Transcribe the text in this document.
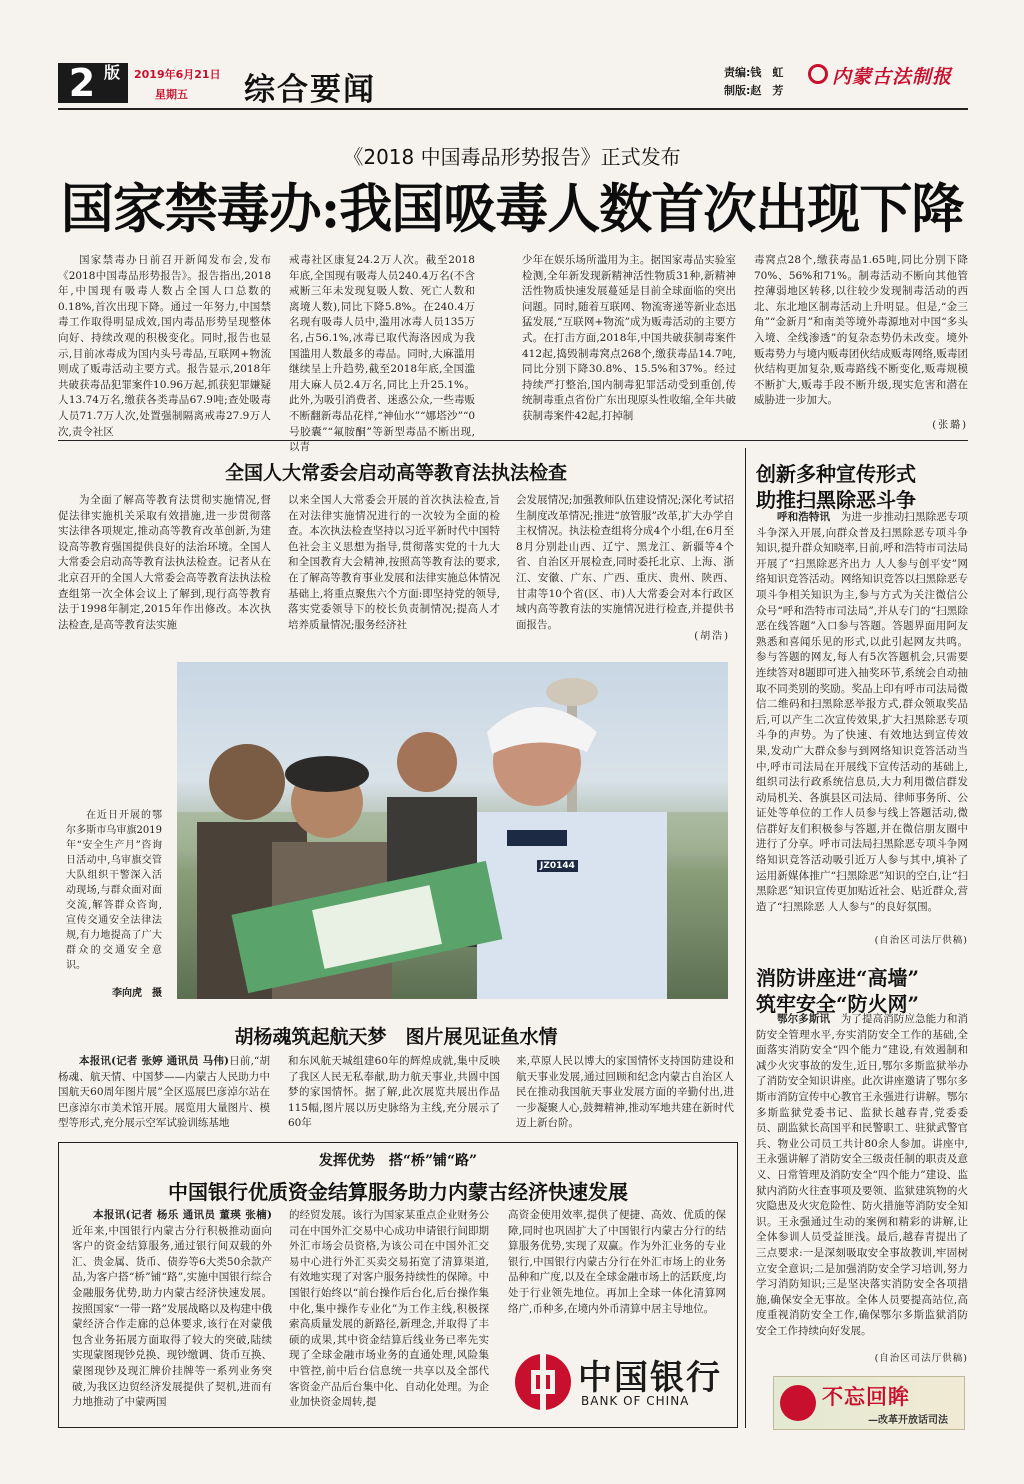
2 版	2019年6月21日
星期五 综合要闻	责编:钱　虹
制版:赵　芳
内蒙古法制报
《2018 中国毒品形势报告》正式发布
国家禁毒办:我国吸毒人数首次出现下降

国家禁毒办日前召开新闻发布会,发布《2018中国毒品形势报告》。报告指出,2018年,中国现有吸毒人数占全国人口总数的0.18%,首次出现下降。通过一年努力,中国禁毒工作取得明显成效,国内毒品形势呈现整体向好、持续改观的积极变化。同时,报告也显示,目前冰毒成为国内头号毒品,互联网+物流则成了贩毒活动主要方式。报告显示,2018年共破获毒品犯罪案件10.96万起,抓获犯罪嫌疑人13.74万名,缴获各类毒品67.9吨;查处吸毒人员71.7万人次,处置强制隔离戒毒27.9万人次,责令社区

戒毒社区康复24.2万人次。截至2018年底,全国现有吸毒人员240.4万名(不含戒断三年未发现复吸人数、死亡人数和离境人数),同比下降5.8%。在240.4万名现有吸毒人员中,滥用冰毒人员135万名,占56.1%,冰毒已取代海洛因成为我国滥用人数最多的毒品。同时,大麻滥用继续呈上升趋势,截至2018年底,全国滥用大麻人员2.4万名,同比上升25.1%。此外,为吸引消费者、迷惑公众,一些毒贩不断翻新毒品花样,“神仙水”“娜塔沙”“0号胶囊”“氟胺酮”等新型毒品不断出现,以青

少年在娱乐场所滥用为主。据国家毒品实验室检测,全年新发现新精神活性物质31种,新精神活性物质快速发展蔓延是目前全球面临的突出问题。同时,随着互联网、物流寄递等新业态迅猛发展,“互联网+物流”成为贩毒活动的主要方式。在打击方面,2018年,中国共破获制毒案件412起,捣毁制毒窝点268个,缴获毒品14.7吨,同比分别下降30.8%、15.5%和37%。经过持续严打整治,国内制毒犯罪活动受到重创,传统制毒重点省份广东出现原头性收缩,全年共破获制毒案件42起,打掉制

毒窝点28个,缴获毒品1.65吨,同比分别下降70%、56%和71%。制毒活动不断向其他管控薄弱地区转移,以往较少发现制毒活动的西北、东北地区制毒活动上升明显。但是,“金三角”“金新月”和南美等境外毒源地对中国“多头入境、全线渗透”的复杂态势仍未改变。境外贩毒势力与境内贩毒团伙结成贩毒网络,贩毒团伙结构更加复杂,贩毒路线不断变化,贩毒规模不断扩大,贩毒手段不断升级,现实危害和潜在威胁进一步加大。

(张璐)
全国人大常委会启动高等教育法执法检查

为全面了解高等教育法贯彻实施情况,督促法律实施机关采取有效措施,进一步贯彻落实法律各项规定,推动高等教育改革创新,为建设高等教育强国提供良好的法治环境。全国人大常委会启动高等教育法执法检查。记者从在北京召开的全国人大常委会高等教育法执法检查组第一次全体会议上了解到,现行高等教育法于1998年制定,2015年作出修改。本次执法检查,是高等教育法实施

以来全国人大常委会开展的首次执法检查,旨在对法律实施情况进行的一次较为全面的检查。本次执法检查坚持以习近平新时代中国特色社会主义思想为指导,贯彻落实党的十九大和全国教育大会精神,按照高等教育法的要求,在了解高等教育事业发展和法律实施总体情况基础上,将重点聚焦六个方面:即坚持党的领导,落实党委领导下的校长负责制情况;提高人才培养质量情况;服务经济社

会发展情况;加强教师队伍建设情况;深化考试招生制度改革情况;推进“放管服”改革,扩大办学自主权情况。执法检查组将分成4个小组,在6月至8月分别赴山西、辽宁、黑龙江、新疆等4个省、自治区开展检查,同时委托北京、上海、浙江、安徽、广东、广西、重庆、贵州、陕西、甘肃等10个省(区、市)人大常委会对本行政区域内高等教育法的实施情况进行检查,并提供书面报告。

(胡浩)
JZ0144
在近日开展的鄂尔多斯市乌审旗2019年“安全生产月”咨询日活动中,乌审旗交管大队组织干警深入活动现场,与群众面对面交流,解答群众咨询,宣传交通安全法律法规,有力地提高了广大群众的交通安全意识。
李向虎　摄
胡杨魂筑起航天梦　图片展见证鱼水情

本报讯(记者 张婷 通讯员 马伟)日前,“胡杨魂、航天情、中国梦——内蒙古人民助力中国航天60周年图片展”全区巡展巴彦淖尔站在巴彦淖尔市美术馆开展。展览用大量图片、模型等形式,充分展示空军试验训练基地

和东风航天城组建60年的辉煌成就,集中反映了我区人民无私奉献,助力航天事业,共圆中国梦的家国情怀。据了解,此次展览共展出作品115幅,图片展以历史脉络为主线,充分展示了60年

来,草原人民以博大的家国情怀支持国防建设和航天事业发展,通过回顾和纪念内蒙古自治区人民在推动我国航天事业发展方面的辛勤付出,进一步凝聚人心,鼓舞精神,推动军地共建在新时代迈上新台阶。

发挥优势　搭“桥”铺“路”
中国银行优质资金结算服务助力内蒙古经济快速发展

本报讯(记者 杨乐 通讯员 董瑛 张楠)近年来,中国银行内蒙古分行积极推动面向客户的资金结算服务,通过银行间双载的外汇、贵金属、货币、债券等6大类50余款产品,为客户搭“桥”铺“路”,实施中国银行综合金融服务优势,助力内蒙古经济快速发展。按照国家“一带一路”发展战略以及构建中俄蒙经济合作走廊的总体要求,该行在对蒙俄包含业务拓展方面取得了较大的突破,陆续实现蒙图现钞兑换、现钞缴调、货币互换、蒙图现钞及现汇牌价挂牌等一系列业务突破,为我区边贸经济发展提供了契机,进而有力地推动了中蒙两国

的经贸发展。该行为国家某重点企业财务公司在中国外汇交易中心成功申请银行间即期外汇市场会员资格,为该公司在中国外汇交易中心进行外汇买卖交易拓宽了清算渠道,有效地实现了对客户服务持续性的保障。中国银行始终以“前台操作后台化,后台操作集中化,集中操作专业化”为工作主线,积极探索高质量发展的新路径,新理念,并取得了丰硕的成果,其中资金结算后线业务已率先实现了全球金融市场业务的直通处理,风险集中管控,前中后台信息统一共享以及全部代客资金产品后台集中化、自动化处理。为企业加快资金周转,提

高资金使用效率,提供了便捷、高效、优质的保障,同时也巩固扩大了中国银行内蒙古分行的结算服务优势,实现了双赢。作为外汇业务的专业银行,中国银行内蒙古分行在外汇市场上的业务品种和广度,以及在全球金融市场上的活跃度,均处于行业领先地位。再加上全球一体化清算网络广,币种多,在境内外币清算中居主导地位。

中国银行
BANK OF CHINA
创新多种宣传形式
助推扫黑除恶斗争

呼和浩特讯　 为进一步推动扫黑除恶专项斗争深入开展,向群众普及扫黑除恶专项斗争知识,提升群众知晓率,日前,呼和浩特市司法局开展了“扫黑除恶齐出力 人人参与创平安”网络知识竞答活动。网络知识竞答以扫黑除恶专项斗争相关知识为主,参与方式为关注微信公众号“呼和浩特市司法局”,并从专门的“扫黑除恶在线答题”入口参与答题。答题界面用阿友熟悉和喜闻乐见的形式,以此引起网友共鸣。参与答题的网友,每人有5次答题机会,只需要连续答对8题即可进入抽奖环节,系统会自动抽取不同类别的奖励。奖品上印有呼市司法局微信二维码和扫黑除恶举报方式,群众领取奖品后,可以产生二次宣传效果,扩大扫黑除恶专项斗争的声势。为了快速、有效地达到宣传效果,发动广大群众参与到网络知识竞答活动当中,呼市司法局在开展线下宣传活动的基础上,组织司法行政系统信息员,大力利用微信群发动局机关、各旗县区司法局、律师事务所、公证处等单位的工作人员参与线上答题活动,微信群好友们积极参与答题,并在微信朋友圈中进行了分享。呼市司法局扫黑除恶专项斗争网络知识竞答活动吸引近万人参与其中,填补了运用新媒体推广“扫黑除恶”知识的空白,让“扫黑除恶”知识宣传更加贴近社会、贴近群众,营造了“扫黑除恶 人人参与”的良好氛围。

(自治区司法厅供稿)
消防讲座进“高墙”
筑牢安全“防火网”

鄂尔多斯讯　 为了提高消防应急能力和消防安全管理水平,夯实消防安全工作的基础,全面落实消防安全“四个能力”建设,有效遏制和减少火灾事故的发生,近日,鄂尔多斯监狱举办了消防安全知识讲座。此次讲座邀请了鄂尔多斯市消防宣传中心教官王永强进行讲解。鄂尔多斯监狱党委书记、监狱长越春青,党委委员、副监狱长高国平和民警职工、驻狱武警官兵、物业公司员工共计80余人参加。讲座中,王永强讲解了消防安全三级责任制的职责及意义、日常管理及消防安全“四个能力”建设、监狱内消防火往查事项及要领、监狱建筑物的火灾隐患及火灾危险性、防火措施等消防安全知识。王永强通过生动的案例和精彩的讲解,让全体参训人员受益匪浅。最后,越春青提出了三点要求:一是深刻吸取安全事故教训,牢固树立安全意识;二是加强消防安全学习培训,努力学习消防知识;三是坚决落实消防安全各项措施,确保安全无事故。全体人员要提高站位,高度重视消防安全工作,确保鄂尔多斯监狱消防安全工作持续向好发展。

(自治区司法厅供稿)
不忘回眸
—改革开放话司法
